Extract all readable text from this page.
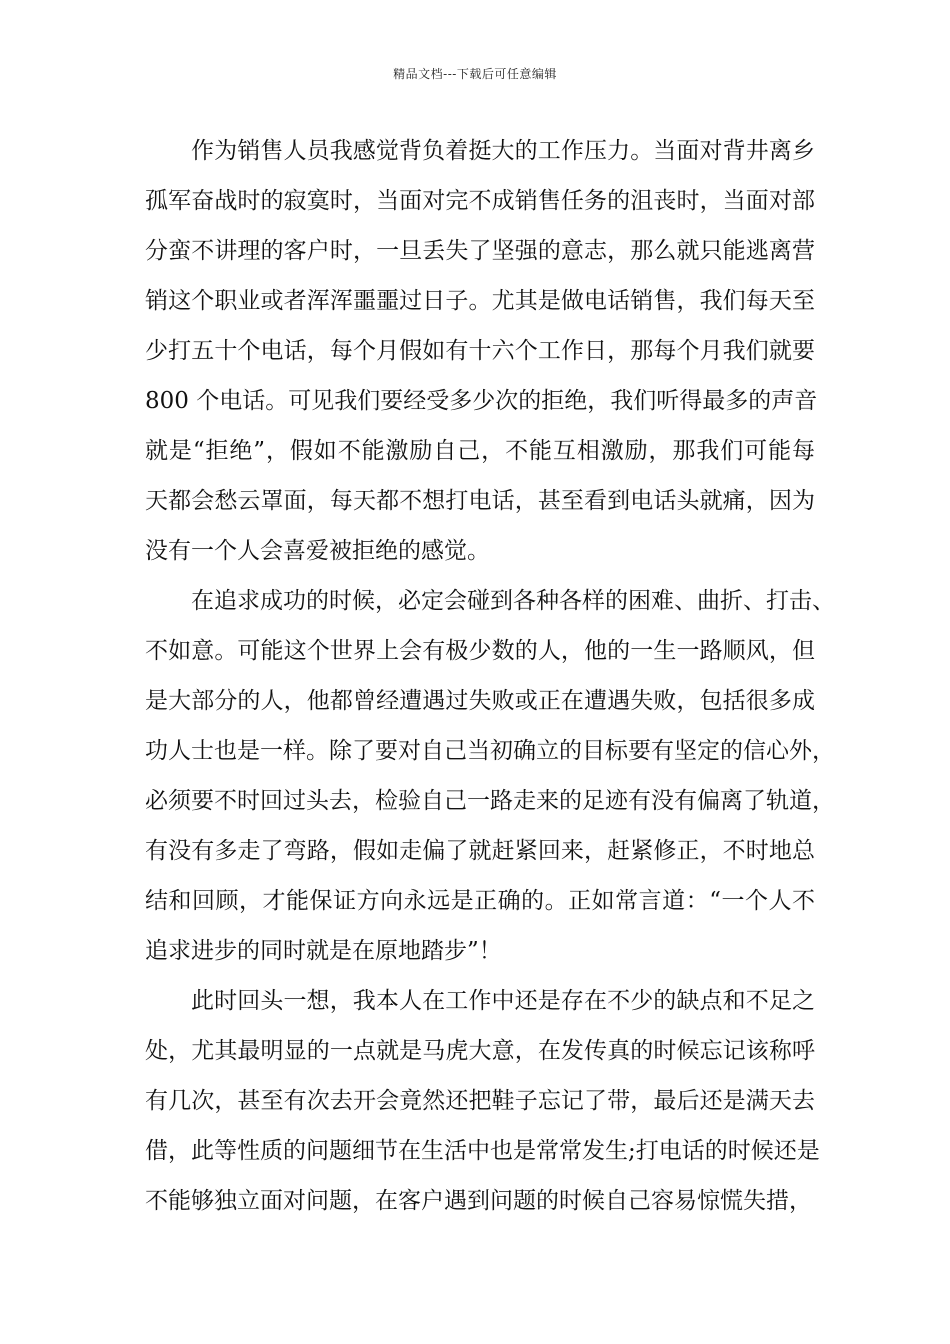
精品文档---下载后可任意编辑
作为销售人员我感觉背负着挺大的工作压力。当面对背井离乡
孤军奋战时的寂寞时，当面对完不成销售任务的沮丧时，当面对部
分蛮不讲理的客户时，一旦丢失了坚强的意志，那么就只能逃离营
销这个职业或者浑浑噩噩过日子。尤其是做电话销售，我们每天至
少打五十个电话，每个月假如有十六个工作日，那每个月我们就要
800 个电话。可见我们要经受多少次的拒绝，我们听得最多的声音
就是“拒绝”，假如不能激励自己，不能互相激励，那我们可能每
天都会愁云罩面，每天都不想打电话，甚至看到电话头就痛，因为
没有一个人会喜爱被拒绝的感觉。
在追求成功的时候，必定会碰到各种各样的困难、曲折、打击、
不如意。可能这个世界上会有极少数的人，他的一生一路顺风，但
是大部分的人，他都曾经遭遇过失败或正在遭遇失败，包括很多成
功人士也是一样。除了要对自己当初确立的目标要有坚定的信心外，
必须要不时回过头去，检验自己一路走来的足迹有没有偏离了轨道，
有没有多走了弯路，假如走偏了就赶紧回来，赶紧修正，不时地总
结和回顾，才能保证方向永远是正确的。正如常言道：“一个人不
追求进步的同时就是在原地踏步”！
此时回头一想，我本人在工作中还是存在不少的缺点和不足之
处，尤其最明显的一点就是马虎大意，在发传真的时候忘记该称呼
有几次，甚至有次去开会竟然还把鞋子忘记了带，最后还是满天去
借，此等性质的问题细节在生活中也是常常发生;打电话的时候还是
不能够独立面对问题，在客户遇到问题的时候自己容易惊慌失措，
